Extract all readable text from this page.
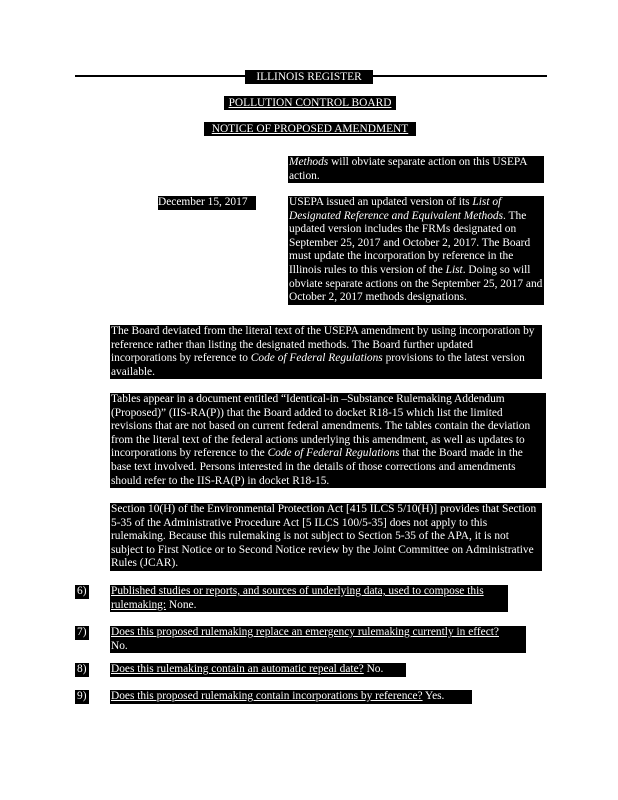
ILLINOIS REGISTER
POLLUTION CONTROL BOARD
NOTICE OF PROPOSED AMENDMENT
Methods will obviate separate action on this USEPA action.
December 15, 2017	USEPA issued an updated version of its List of Designated Reference and Equivalent Methods. The updated version includes the FRMs designated on September 25, 2017 and October 2, 2017. The Board must update the incorporation by reference in the Illinois rules to this version of the List. Doing so will obviate separate actions on the September 25, 2017 and October 2, 2017 methods designations.
The Board deviated from the literal text of the USEPA amendment by using incorporation by reference rather than listing the designated methods. The Board further updated incorporations by reference to Code of Federal Regulations provisions to the latest version available.
Tables appear in a document entitled “Identical-in –Substance Rulemaking Addendum (Proposed)” (IIS-RA(P)) that the Board added to docket R18-15 which list the limited revisions that are not based on current federal amendments. The tables contain the deviation from the literal text of the federal actions underlying this amendment, as well as updates to incorporations by reference to the Code of Federal Regulations that the Board made in the base text involved. Persons interested in the details of those corrections and amendments should refer to the IIS-RA(P) in docket R18-15.
Section 10(H) of the Environmental Protection Act [415 ILCS 5/10(H)] provides that Section 5-35 of the Administrative Procedure Act [5 ILCS 100/5-35] does not apply to this rulemaking. Because this rulemaking is not subject to Section 5-35 of the APA, it is not subject to First Notice or to Second Notice review by the Joint Committee on Administrative Rules (JCAR).
6) Published studies or reports, and sources of underlying data, used to compose this rulemaking: None.
7) Does this proposed rulemaking replace an emergency rulemaking currently in effect?
No.
8) Does this rulemaking contain an automatic repeal date? No.
9) Does this proposed rulemaking contain incorporations by reference? Yes.
